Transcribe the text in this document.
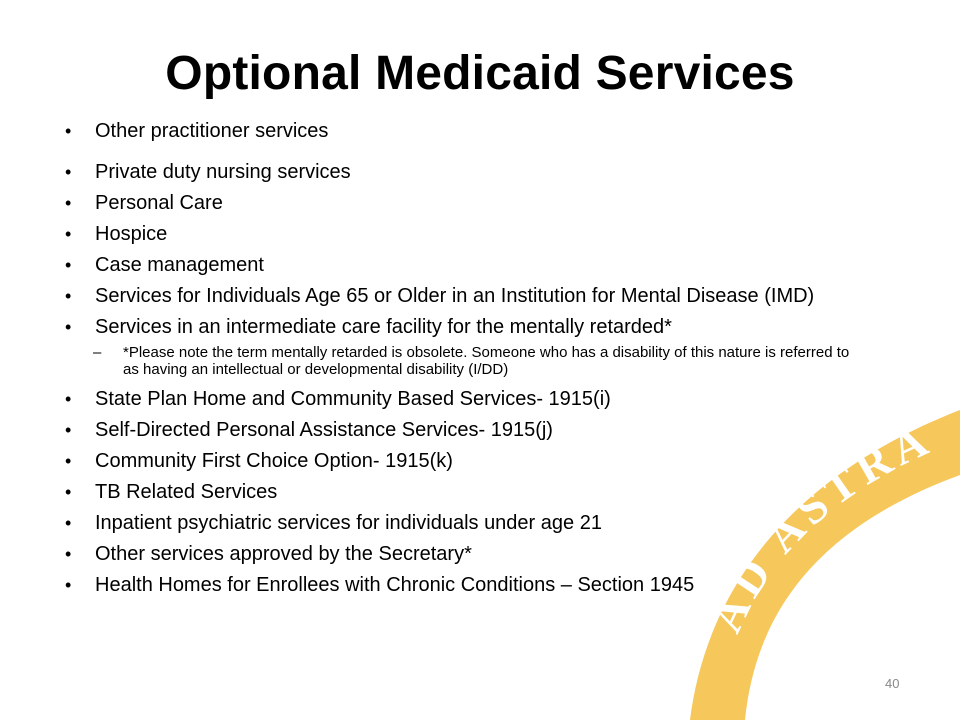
AD ASTRA
Optional Medicaid Services
• Other practitioner services
• Private duty nursing services
• Personal Care
• Hospice
• Case management
• Services for Individuals Age 65 or Older in an Institution for Mental Disease (IMD)
• Services in an intermediate care facility for the mentally retarded*
– *Please note the term mentally retarded is obsolete. Someone who has a disability of this nature is referred to as having an intellectual or developmental disability (I/DD)
• State Plan Home and Community Based Services- 1915(i)
• Self-Directed Personal Assistance Services- 1915(j)
• Community First Choice Option- 1915(k)
• TB Related Services
• Inpatient psychiatric services for individuals under age 21
• Other services approved by the Secretary*
• Health Homes for Enrollees with Chronic Conditions – Section 1945
40
